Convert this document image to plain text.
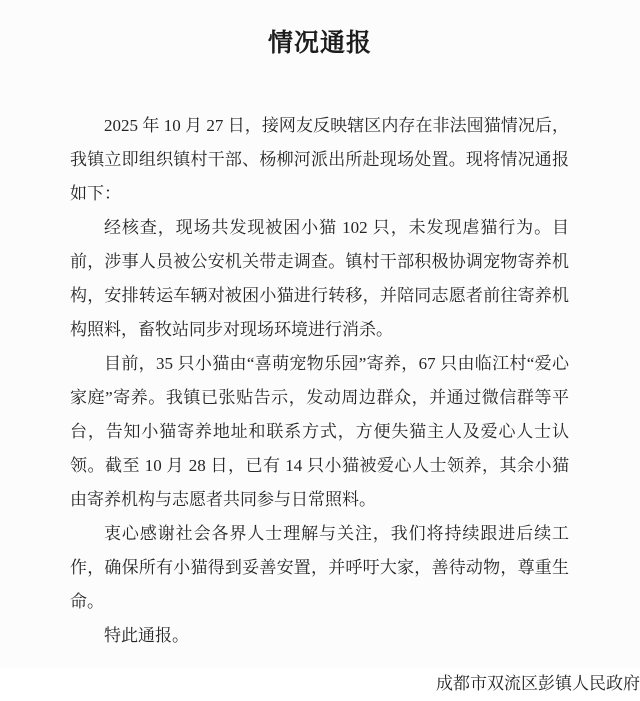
情况通报

2025 年 10 月 27 日，接网友反映辖区内存在非法囤猫情况后，我镇立即组织镇村干部、杨柳河派出所赴现场处置。现将情况通报如下：

经核查，现场共发现被困小猫 102 只，未发现虐猫行为。目前，涉事人员被公安机关带走调查。镇村干部积极协调宠物寄养机构，安排转运车辆对被困小猫进行转移，并陪同志愿者前往寄养机构照料，畜牧站同步对现场环境进行消杀。

目前，35 只小猫由“喜萌宠物乐园”寄养，67 只由临江村“爱心家庭”寄养。我镇已张贴告示，发动周边群众，并通过微信群等平台，告知小猫寄养地址和联系方式，方便失猫主人及爱心人士认领。截至 10 月 28 日，已有 14 只小猫被爱心人士领养，其余小猫由寄养机构与志愿者共同参与日常照料。

衷心感谢社会各界人士理解与关注，我们将持续跟进后续工作，确保所有小猫得到妥善安置，并呼吁大家，善待动物，尊重生命。

特此通报。

成都市双流区彭镇人民政府
